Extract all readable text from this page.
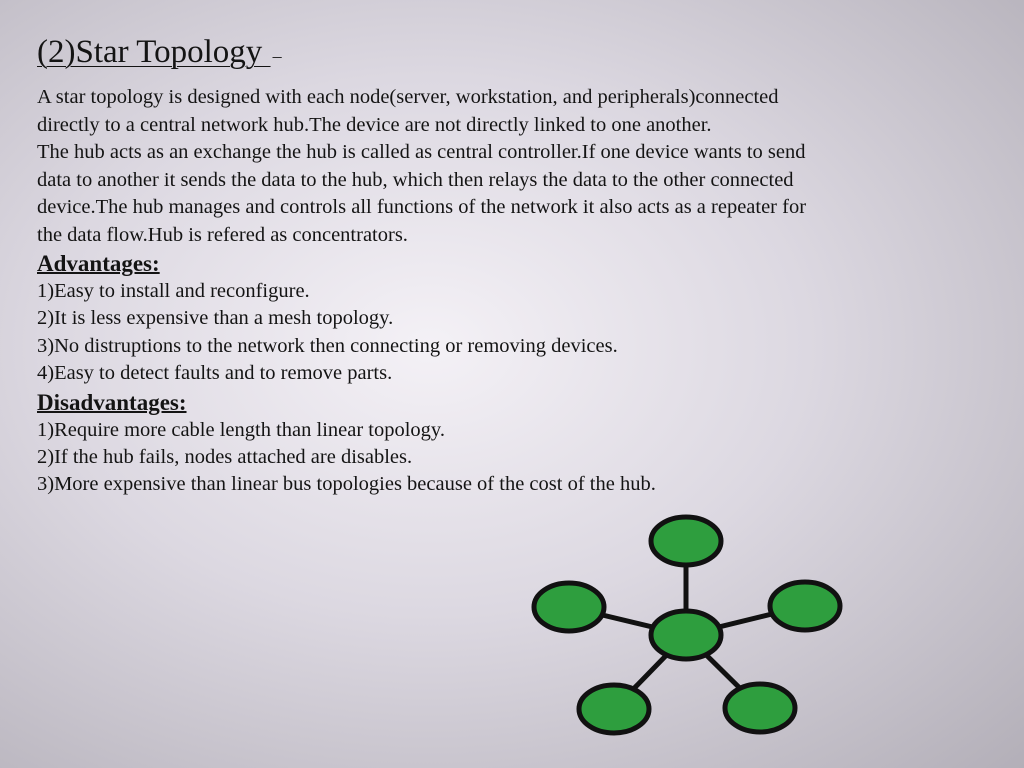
(2)Star Topology –
A star topology is designed with each node(server, workstation, and peripherals)connected
directly to a central network hub.The device are not directly linked to one another.
The hub acts as an exchange the hub is called as central controller.If one device wants to send
data to another it sends the data to the hub, which then relays the data to the other connected
device.The hub manages and controls all functions of the network it also acts as a repeater for
the data flow.Hub is refered as concentrators.
Advantages:
1)Easy to install and reconfigure.
2)It is less expensive than a mesh topology.
3)No distruptions to the network then connecting or removing devices.
4)Easy to detect faults and to remove parts.
Disadvantages:
1)Require more cable length than linear topology.
2)If the hub fails, nodes attached are disables.
3)More expensive than linear bus topologies because of the cost of the hub.
